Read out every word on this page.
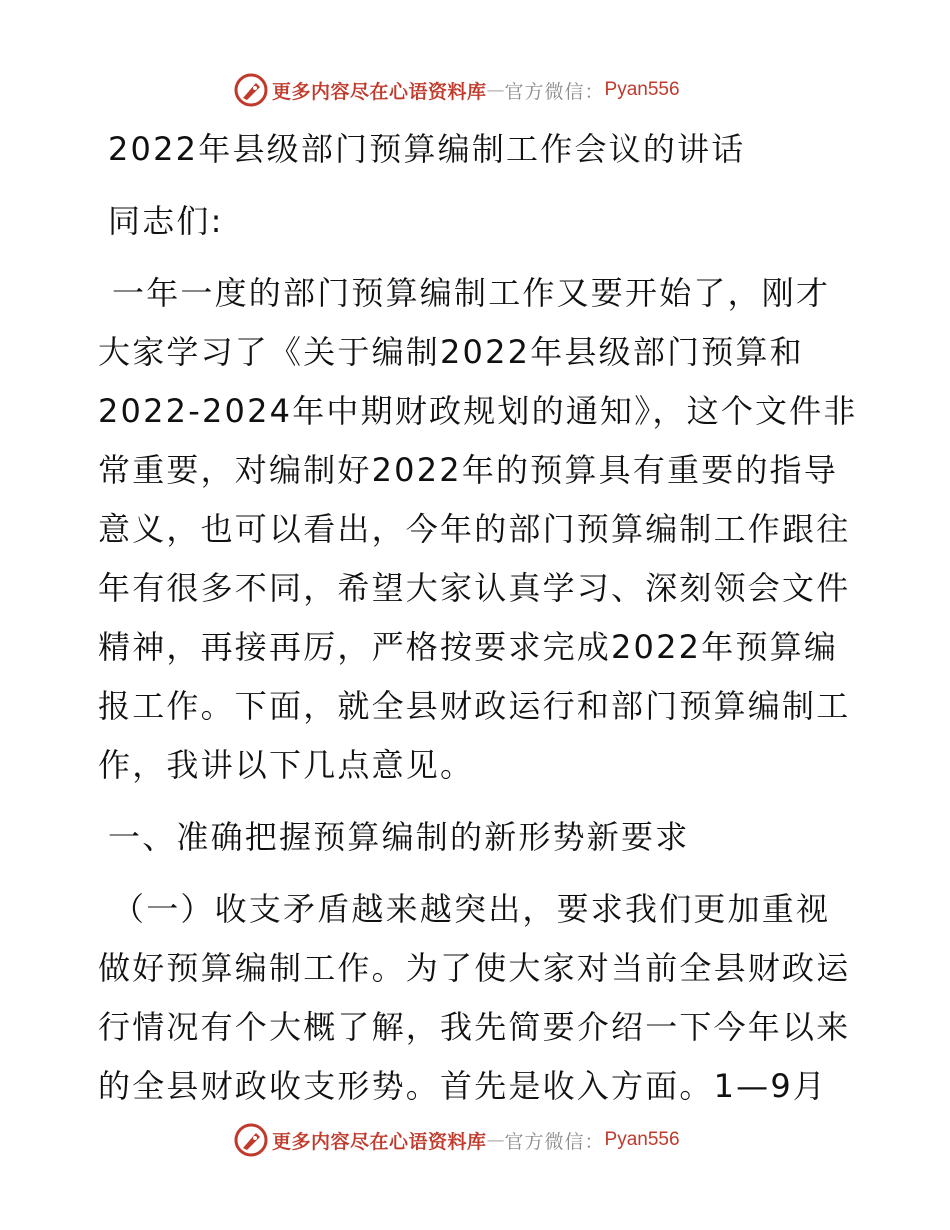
更多内容尽在心语资料库 — 官方微信： Pyan556

2022年县级部门预算编制工作会议的讲话

同志们:

一年一度的部门预算编制工作又要开始了，刚才大家学习了《关于编制2022年县级部门预算和2022-2024年中期财政规划的通知》，这个文件非常重要，对编制好2022年的预算具有重要的指导意义，也可以看出，今年的部门预算编制工作跟往年有很多不同，希望大家认真学习、深刻领会文件精神，再接再厉，严格按要求完成2022年预算编报工作。下面，就全县财政运行和部门预算编制工作，我讲以下几点意见。

一、准确把握预算编制的新形势新要求

（一）收支矛盾越来越突出，要求我们更加重视做好预算编制工作。为了使大家对当前全县财政运行情况有个大概了解，我先简要介绍一下今年以来的全县财政收支形势。首先是收入方面。1—9月

更多内容尽在心语资料库 — 官方微信： Pyan556
